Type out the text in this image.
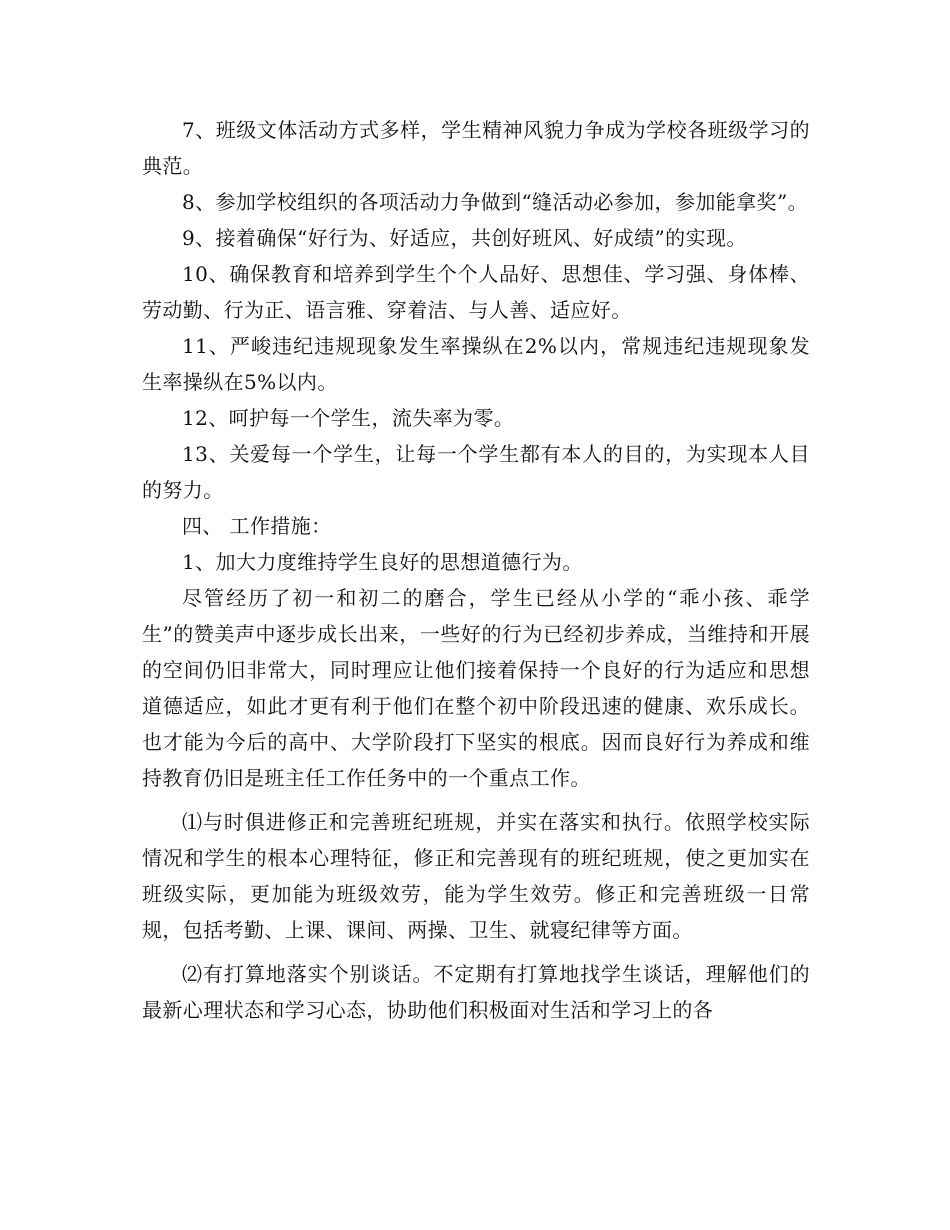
7、班级文体活动方式多样，学生精神风貌力争成为学校各班级学习的典范。

8、参加学校组织的各项活动力争做到“缝活动必参加，参加能拿奖”。

9、接着确保“好行为、好适应，共创好班风、好成绩”的实现。

10、确保教育和培养到学生个个人品好、思想佳、学习强、身体棒、劳动勤、行为正、语言雅、穿着洁、与人善、适应好。

11、严峻违纪违规现象发生率操纵在2%以内，常规违纪违规现象发生率操纵在5%以内。

12、呵护每一个学生，流失率为零。

13、关爱每一个学生，让每一个学生都有本人的目的，为实现本人目的努力。

四、 工作措施：

1、加大力度维持学生良好的思想道德行为。

尽管经历了初一和初二的磨合，学生已经从小学的“乖小孩、乖学生”的赞美声中逐步成长出来，一些好的行为已经初步养成，当维持和开展的空间仍旧非常大，同时理应让他们接着保持一个良好的行为适应和思想道德适应，如此才更有利于他们在整个初中阶段迅速的健康、欢乐成长。也才能为今后的高中、大学阶段打下坚实的根底。因而良好行为养成和维持教育仍旧是班主任工作任务中的一个重点工作。

⑴与时俱进修正和完善班纪班规，并实在落实和执行。依照学校实际情况和学生的根本心理特征，修正和完善现有的班纪班规，使之更加实在班级实际，更加能为班级效劳，能为学生效劳。修正和完善班级一日常规，包括考勤、上课、课间、两操、卫生、就寝纪律等方面。

⑵有打算地落实个别谈话。不定期有打算地找学生谈话，理解他们的最新心理状态和学习心态，协助他们积极面对生活和学习上的各
